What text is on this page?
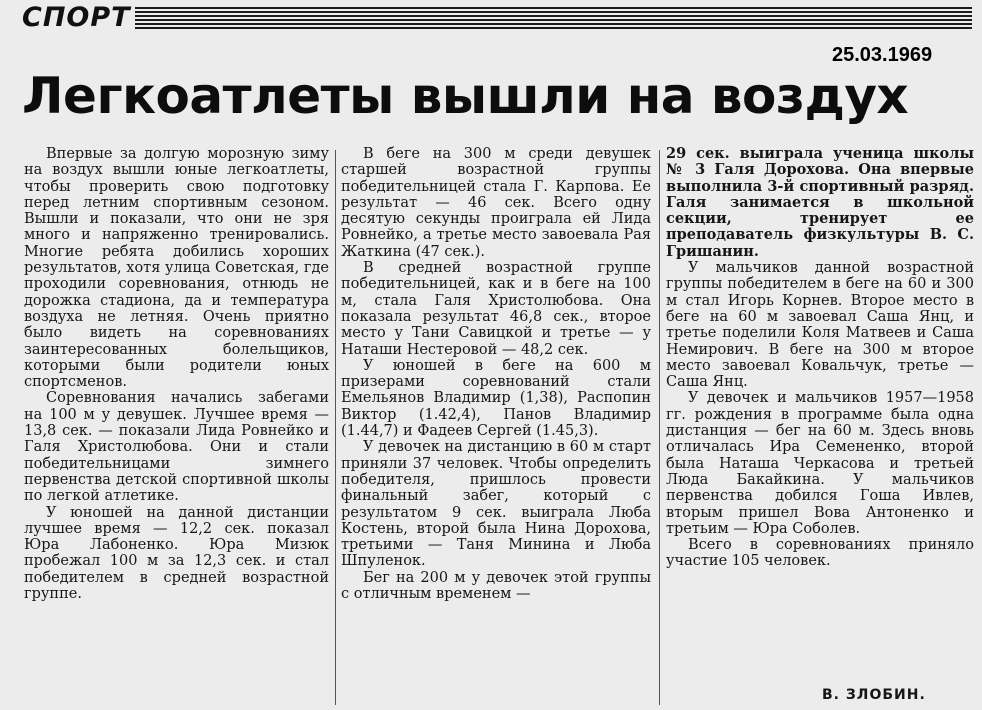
СПОРТ
25.03.1969
Легкоатлеты вышли на воздух

Впервые за долгую морозную зиму на воздух вышли юные легкоатлеты, чтобы проверить свою подготовку перед летним спортивным сезоном. Вышли и показали, что они не зря много и напряженно тренировались. Многие ребята добились хороших результатов, хотя улица Советская, где проходили соревнования, отнюдь не дорожка стадиона, да и температура воздуха не летняя. Очень приятно было видеть на соревнованиях заинтересованных болельщиков, которыми были родители юных спортсменов.

Соревнования начались забегами на 100 м у девушек. Лучшее время — 13,8 сек. — показали Лида Ровнейко и Галя Христолюбова. Они и стали победительницами зимнего первенства детской спортивной школы по легкой атлетике.

У юношей на данной дистанции лучшее время — 12,2 сек. показал Юра Лабоненко. Юра Мизюк пробежал 100 м за 12,3 сек. и стал победителем в средней возрастной группе.

В беге на 300 м среди девушек старшей возрастной группы победительницей стала Г. Карпова. Ее результат — 46 сек. Всего одну десятую секунды проиграла ей Лида Ровнейко, а третье место завоевала Рая Жаткина (47 сек.).

В средней возрастной группе победительницей, как и в беге на 100 м, стала Галя Христолюбова. Она показала результат 46,8 сек., второе место у Тани Савицкой и третье — у Наташи Нестеровой — 48,2 сек.

У юношей в беге на 600 м призерами соревнований стали Емельянов Владимир (1,38), Распопин Виктор (1.42,4), Панов Владимир (1.44,7) и Фадеев Сергей (1.45,3).

У девочек на дистанцию в 60 м старт приняли 37 человек. Чтобы определить победителя, пришлось провести финальный забег, который с результатом 9 сек. выиграла Люба Костень, второй была Нина Дорохова, третьими — Таня Минина и Люба Шпуленок.

Бег на 200 м у девочек этой группы с отличным временем —

29 сек. выиграла ученица школы № 3 Галя Дорохова. Она впервые выполнила 3-й спортивный разряд. Галя занимается в школьной секции, тренирует ее преподаватель физкультуры В. С. Гришанин.

У мальчиков данной возрастной группы победителем в беге на 60 и 300 м стал Игорь Корнев. Второе место в беге на 60 м завоевал Саша Янц, и третье поделили Коля Матвеев и Саша Немирович. В беге на 300 м второе место завоевал Ковальчук, третье — Саша Янц.

У девочек и мальчиков 1957—1958 гг. рождения в программе была одна дистанция — бег на 60 м. Здесь вновь отличалась Ира Семененко, второй была Наташа Черкасова и третьей Люда Бакайкина. У мальчиков первенства добился Гоша Ивлев, вторым пришел Вова Антоненко и третьим — Юра Соболев.

Всего в соревнованиях приняло участие 105 человек.

В. ЗЛОБИН.
